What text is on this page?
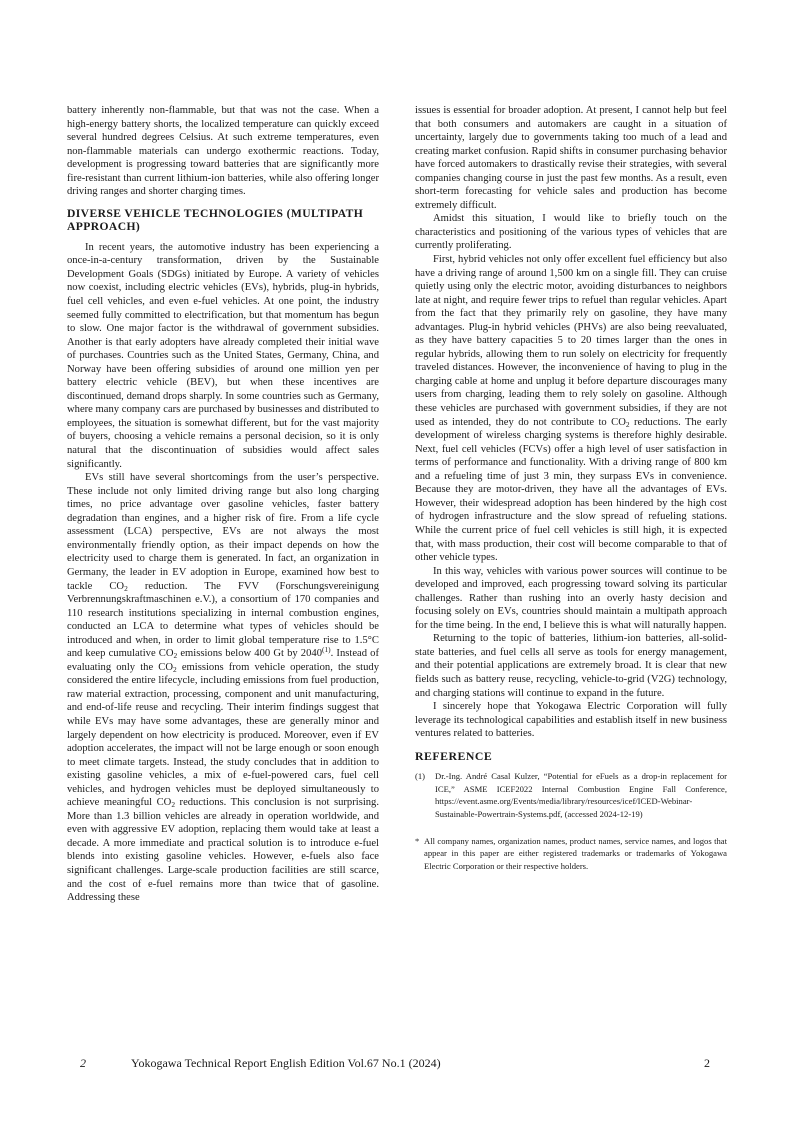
battery inherently non-flammable, but that was not the case. When a high-energy battery shorts, the localized temperature can quickly exceed several hundred degrees Celsius. At such extreme temperatures, even non-flammable materials can undergo exothermic reactions. Today, development is progressing toward batteries that are significantly more fire-resistant than current lithium-ion batteries, while also offering longer driving ranges and shorter charging times.

DIVERSE VEHICLE TECHNOLOGIES (MULTIPATH APPROACH)

In recent years, the automotive industry has been experiencing a once-in-a-century transformation, driven by the Sustainable Development Goals (SDGs) initiated by Europe. A variety of vehicles now coexist, including electric vehicles (EVs), hybrids, plug-in hybrids, fuel cell vehicles, and even e-fuel vehicles. At one point, the industry seemed fully committed to electrification, but that momentum has begun to slow. One major factor is the withdrawal of government subsidies. Another is that early adopters have already completed their initial wave of purchases. Countries such as the United States, Germany, China, and Norway have been offering subsidies of around one million yen per battery electric vehicle (BEV), but when these incentives are discontinued, demand drops sharply. In some countries such as Germany, where many company cars are purchased by businesses and distributed to employees, the situation is somewhat different, but for the vast majority of buyers, choosing a vehicle remains a personal decision, so it is only natural that the discontinuation of subsidies would affect sales significantly.

EVs still have several shortcomings from the user’s perspective. These include not only limited driving range but also long charging times, no price advantage over gasoline vehicles, faster battery degradation than engines, and a higher risk of fire. From a life cycle assessment (LCA) perspective, EVs are not always the most environmentally friendly option, as their impact depends on how the electricity used to charge them is generated. In fact, an organization in Germany, the leader in EV adoption in Europe, examined how best to tackle $CO_2$ reduction. The FVV (Forschungsvereinigung Verbrennungskraftmaschinen e.V.), a consortium of 170 companies and 110 research institutions specializing in internal combustion engines, conducted an LCA to determine what types of vehicles should be introduced and when, in order to limit global temperature rise to 1.5°C and keep cumulative $CO_2$ emissions below 400 Gt by 2040$^{(1)}$. Instead of evaluating only the $CO_2$ emissions from vehicle operation, the study considered the entire lifecycle, including emissions from fuel production, raw material extraction, processing, component and unit manufacturing, and end-of-life reuse and recycling. Their interim findings suggest that while EVs may have some advantages, these are generally minor and largely dependent on how electricity is produced. Moreover, even if EV adoption accelerates, the impact will not be large enough or soon enough to meet climate targets. Instead, the study concludes that in addition to existing gasoline vehicles, a mix of e-fuel-powered cars, fuel cell vehicles, and hydrogen vehicles must be deployed simultaneously to achieve meaningful $CO_2$ reductions. This conclusion is not surprising. More than 1.3 billion vehicles are already in operation worldwide, and even with aggressive EV adoption, replacing them would take at least a decade. A more immediate and practical solution is to introduce e-fuel blends into existing gasoline vehicles. However, e-fuels also face significant challenges. Large-scale production facilities are still scarce, and the cost of e-fuel remains more than twice that of gasoline. Addressing these

issues is essential for broader adoption. At present, I cannot help but feel that both consumers and automakers are caught in a situation of uncertainty, largely due to governments taking too much of a lead and creating market confusion. Rapid shifts in consumer purchasing behavior have forced automakers to drastically revise their strategies, with several companies changing course in just the past few months. As a result, even short-term forecasting for vehicle sales and production has become extremely difficult.

Amidst this situation, I would like to briefly touch on the characteristics and positioning of the various types of vehicles that are currently proliferating.

First, hybrid vehicles not only offer excellent fuel efficiency but also have a driving range of around 1,500 km on a single fill. They can cruise quietly using only the electric motor, avoiding disturbances to neighbors late at night, and require fewer trips to refuel than regular vehicles. Apart from the fact that they primarily rely on gasoline, they have many advantages. Plug-in hybrid vehicles (PHVs) are also being reevaluated, as they have battery capacities 5 to 20 times larger than the ones in regular hybrids, allowing them to run solely on electricity for frequently traveled distances. However, the inconvenience of having to plug in the charging cable at home and unplug it before departure discourages many users from charging, leading them to rely solely on gasoline. Although these vehicles are purchased with government subsidies, if they are not used as intended, they do not contribute to $CO_2$ reductions. The early development of wireless charging systems is therefore highly desirable. Next, fuel cell vehicles (FCVs) offer a high level of user satisfaction in terms of performance and functionality. With a driving range of 800 km and a refueling time of just 3 min, they surpass EVs in convenience. Because they are motor-driven, they have all the advantages of EVs. However, their widespread adoption has been hindered by the high cost of hydrogen infrastructure and the slow spread of refueling stations. While the current price of fuel cell vehicles is still high, it is expected that, with mass production, their cost will become comparable to that of other vehicle types.

In this way, vehicles with various power sources will continue to be developed and improved, each progressing toward solving its particular challenges. Rather than rushing into an overly hasty decision and focusing solely on EVs, countries should maintain a multipath approach for the time being. In the end, I believe this is what will naturally happen.

Returning to the topic of batteries, lithium-ion batteries, all-solid-state batteries, and fuel cells all serve as tools for energy management, and their potential applications are extremely broad. It is clear that new fields such as battery reuse, recycling, vehicle-to-grid (V2G) technology, and charging stations will continue to expand in the future.

I sincerely hope that Yokogawa Electric Corporation will fully leverage its technological capabilities and establish itself in new business ventures related to batteries.

REFERENCE

(1) Dr.-Ing. André Casal Kulzer, “Potential for eFuels as a drop-in replacement for ICE,” ASME ICEF2022 Internal Combustion Engine Fall Conference, https://event.asme.org/Events/media/library/resources/icef/ICED-Webinar-Sustainable-Powertrain-Systems.pdf, (accessed 2024-12-19)

* All company names, organization names, product names, service names, and logos that appear in this paper are either registered trademarks or trademarks of Yokogawa Electric Corporation or their respective holders.

2	Yokogawa Technical Report English Edition Vol.67 No.1 (2024)	2
